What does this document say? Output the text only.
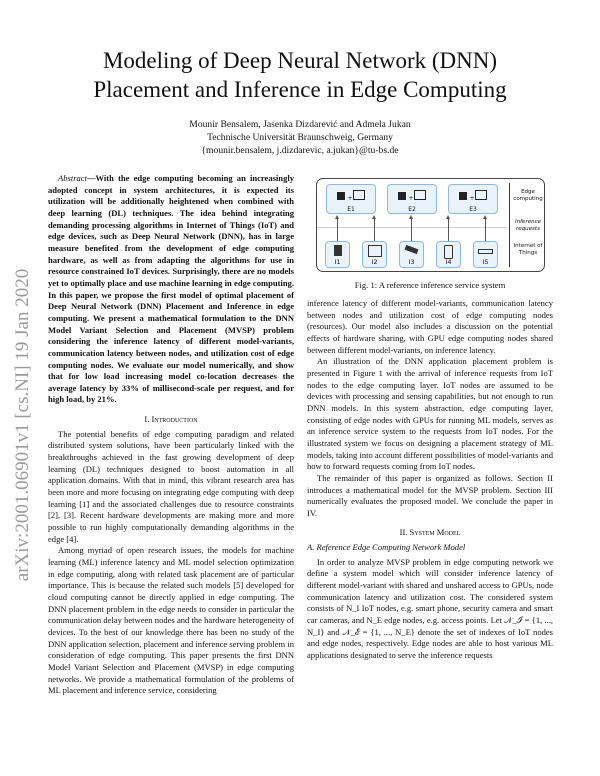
arXiv:2001.06901v1 [cs.NI] 19 Jan 2020
Modeling of Deep Neural Network (DNN)
Placement and Inference in Edge Computing
Mounir Bensalem, Jasenka Dizdarević and Admela Jukan
Technische Universität Braunschweig, Germany
{mounir.bensalem, j.dizdarevic, a.jukan}@tu-bs.de

Abstract—With the edge computing becoming an increasingly adopted concept in system architectures, it is expected its utilization will be additionally heightened when combined with deep learning (DL) techniques. The idea behind integrating demanding processing algorithms in Internet of Things (IoT) and edge devices, such as Deep Neural Network (DNN), has in large measure benefited from the development of edge computing hardware, as well as from adapting the algorithms for use in resource constrained IoT devices. Surprisingly, there are no models yet to optimally place and use machine learning in edge computing. In this paper, we propose the first model of optimal placement of Deep Neural Network (DNN) Placement and Inference in edge computing. We present a mathematical formulation to the DNN Model Variant Selection and Placement (MVSP) problem considering the inference latency of different model-variants, communication latency between nodes, and utilization cost of edge computing nodes. We evaluate our model numerically, and show that for low load increasing model co-location decreases the average latency by 33% of millisecond-scale per request, and for high load, by 21%.

I. Introduction

The potential benefits of edge computing paradigm and related distributed system solutions, have been particularly linked with the breakthroughs achieved in the fast growing development of deep learning (DL) techniques designed to boost automation in all application domains. With that in mind, this vibrant research area has been more and more focusing on integrating edge computing with deep learning [1] and the associated challenges due to resource constraints [2], [3]. Recent hardware developments are making more and more possible to run highly computationally demanding algorithms in the edge [4].

Among myriad of open research issues, the models for machine learning (ML) inference latency and ML model selection optimization in edge computing, along with related task placement are of particular importance. This is because the related such models [5] developed for cloud computing cannot be directly applied in edge computing. The DNN placement problem in the edge needs to consider in particular the communication delay between nodes and the hardware heterogeneity of devices. To the best of our knowledge there has been no study of the DNN application selection, placement and inference serving problem in consideration of edge computing. This paper presents the first DNN Model Variant Selection and Placement (MVSP) in edge computing networks. We provide a mathematical formulation of the problems of ML placement and inference service, considering

+
E1
+
E2
+
E3
I1	I2	I3	I4	I5
Edge computing
Inference requests
Internet of Things
Fig. 1: A reference inference service system

inference latency of different model-variants, communication latency between nodes and utilization cost of edge computing nodes (resources). Our model also includes a discussion on the potential effects of hardware sharing, with GPU edge computing nodes shared between different model-variants, on inference latency.

An illustration of the DNN application placement problem is presented in Figure 1 with the arrival of inference requests from IoT nodes to the edge computing layer. IoT nodes are assumed to be devices with processing and sensing capabilities, but not enough to run DNN models. In this system abstraction, edge computing layer, consisting of edge nodes with GPUs for running ML models, serves as an inference service system to the requests from IoT nodes. For the illustrated system we focus on designing a placement strategy of ML models, taking into account different possibilities of model-variants and how to forward requests coming from IoT nodes.

The remainder of this paper is organized as follows. Section II introduces a mathematical model for the MVSP problem. Section III numerically evaluates the proposed model. We conclude the paper in IV.

II. System Model

A. Reference Edge Computing Network Model

In order to analyze MVSP problem in edge computing network we define a system model which will consider inference latency of different model-variant with shared and unshared access to GPUs, node communication latency and utilization cost. The considered system consists of N_I IoT nodes, e.g. smart phone, security camera and smart car cameras, and N_E edge nodes, e.g. access points. Let 𝒩_ℐ = {1, ..., N_I} and 𝒩_ℰ = {1, ..., N_E} denote the set of indexes of IoT nodes and edge nodes, respectively. Edge nodes are able to host various ML applications designated to serve the inference requests
